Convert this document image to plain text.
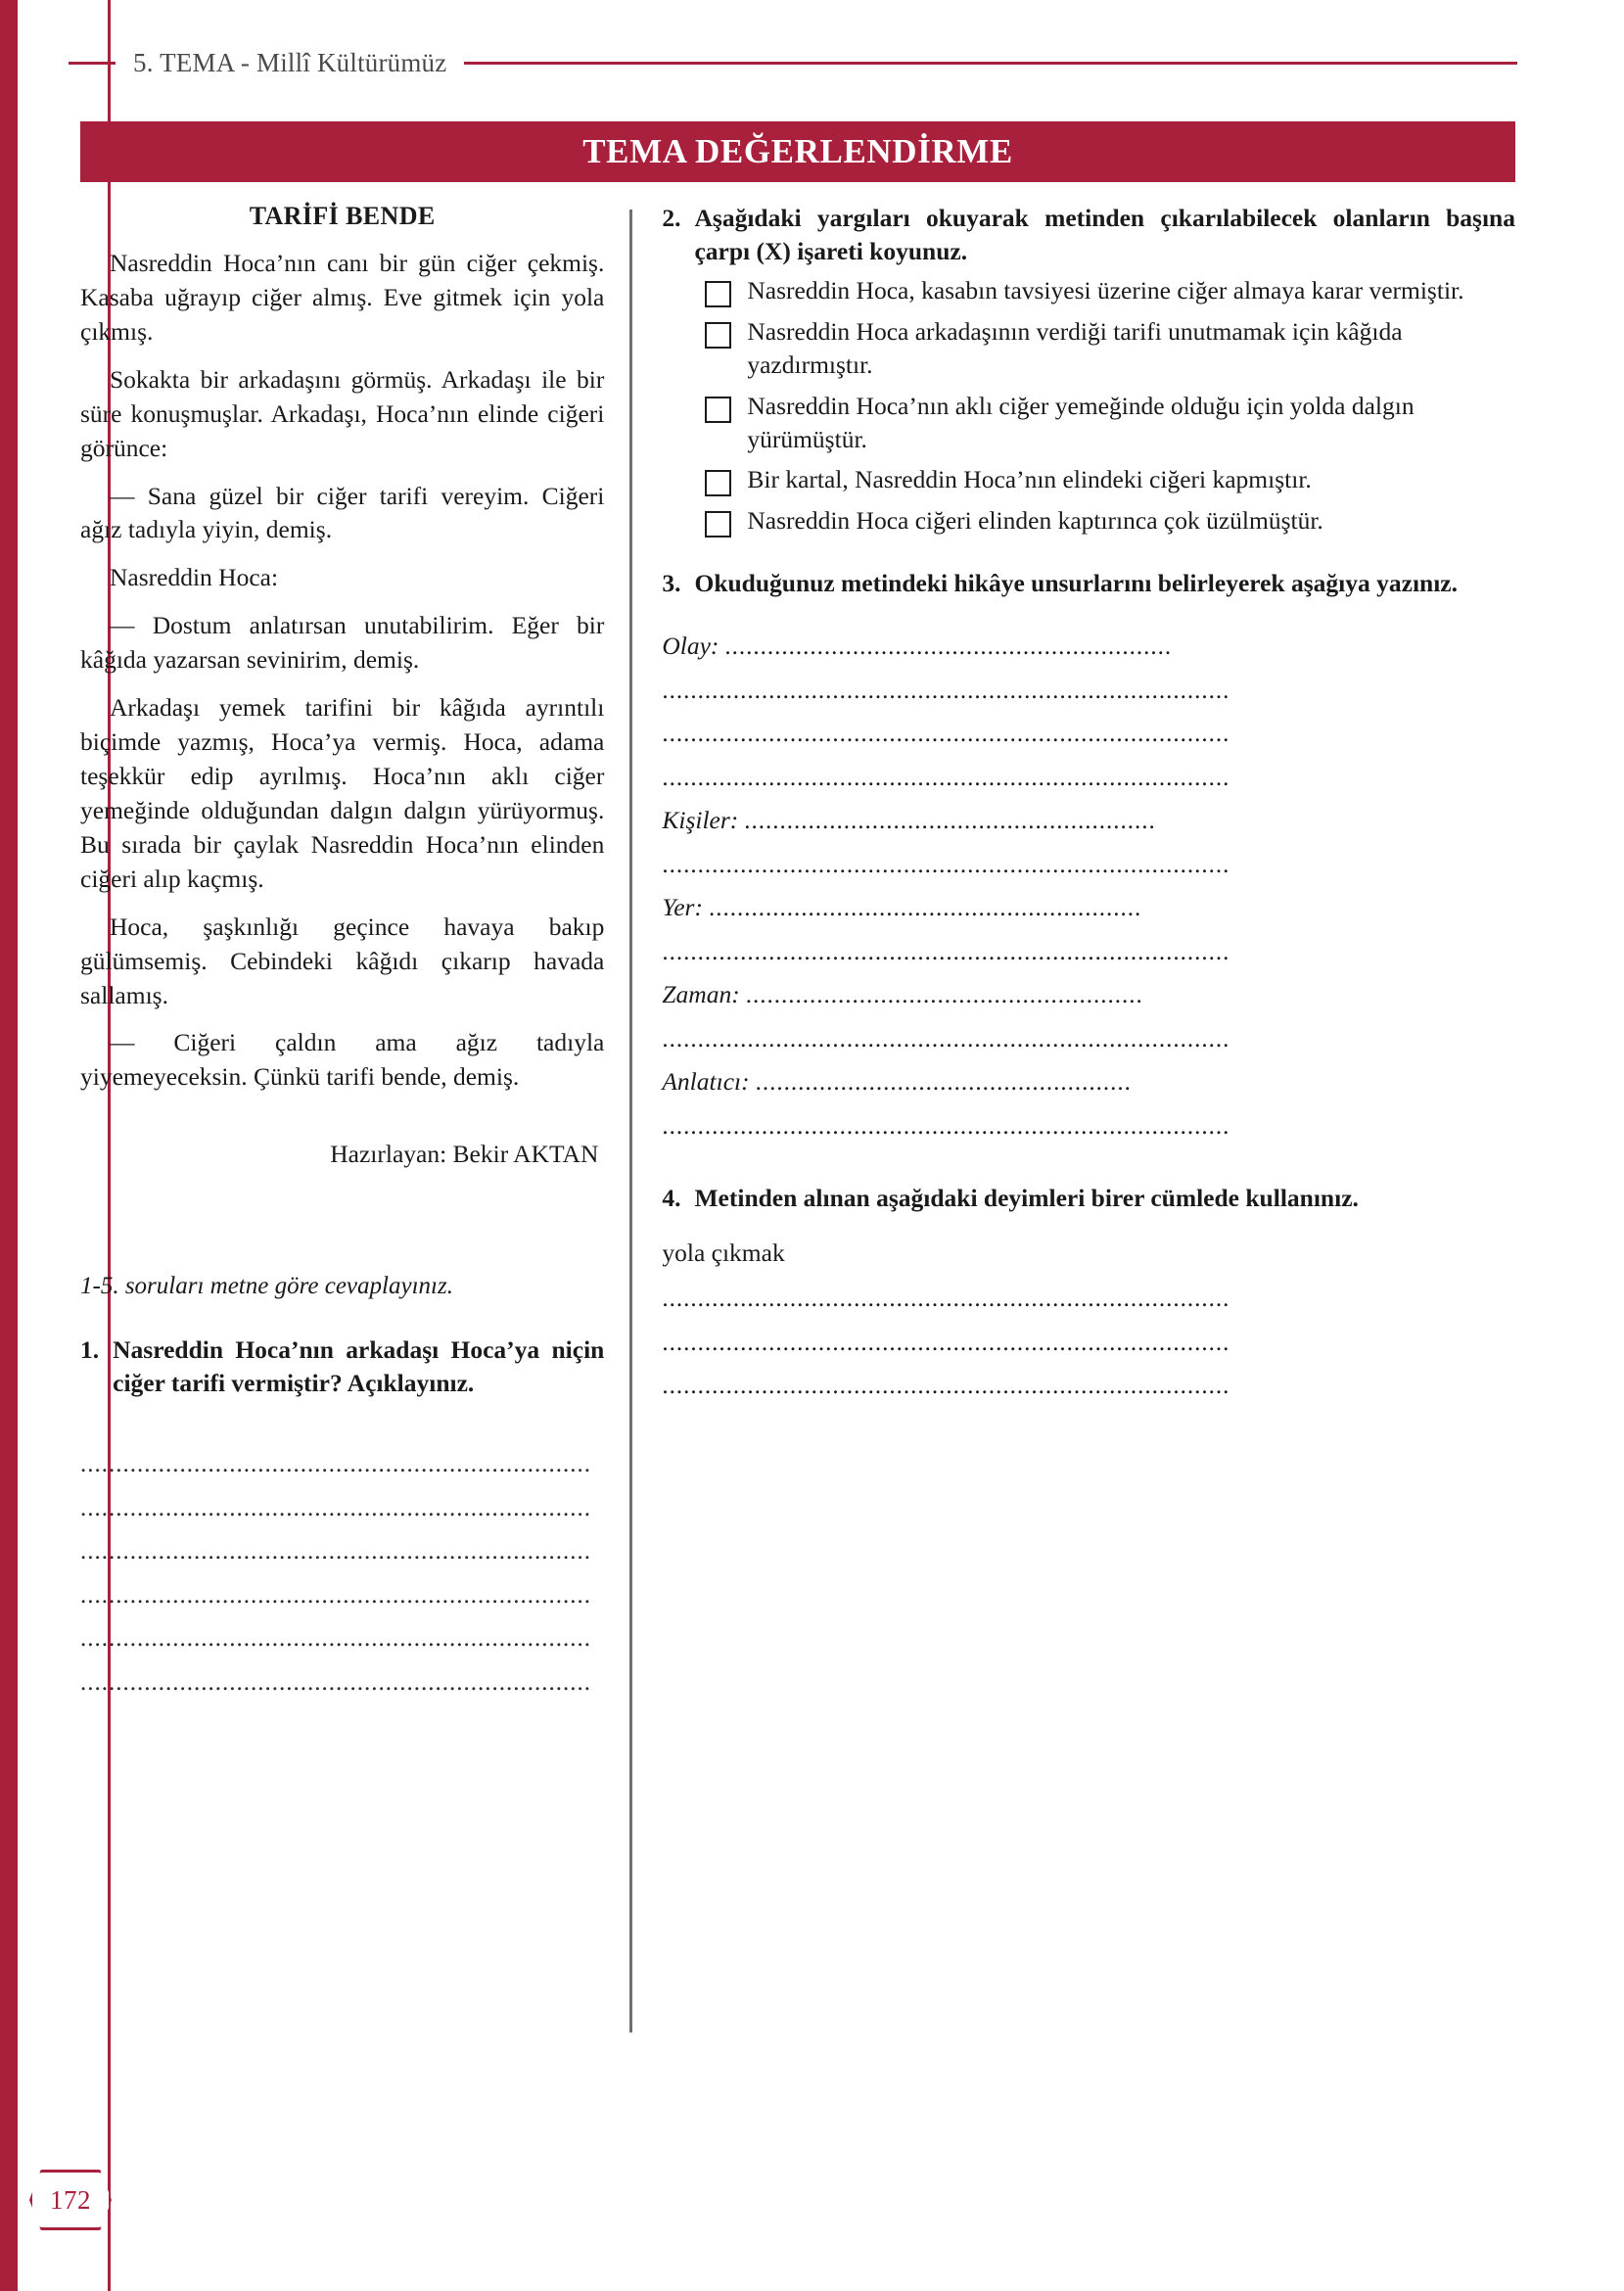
5. TEMA - Millî Kültürümüz
TEMA DEĞERLENDİRME
TARİFİ BENDE

Nasreddin Hoca’nın canı bir gün ciğer çekmiş. Kasaba uğrayıp ciğer almış. Eve gitmek için yola çıkmış.

Sokakta bir arkadaşını görmüş. Arkadaşı ile bir süre konuşmuşlar. Arkadaşı, Hoca’nın elinde ciğeri görünce:

— Sana güzel bir ciğer tarifi vereyim. Ciğeri ağız tadıyla yiyin, demiş.

Nasreddin Hoca:

— Dostum anlatırsan unutabilirim. Eğer bir kâğıda yazarsan sevinirim, demiş.

Arkadaşı yemek tarifini bir kâğıda ayrıntılı biçimde yazmış, Hoca’ya vermiş. Hoca, adama teşekkür edip ayrılmış. Hoca’nın aklı ciğer yemeğinde olduğundan dalgın dalgın yürüyormuş. Bu sırada bir çaylak Nasreddin Hoca’nın elinden ciğeri alıp kaçmış.

Hoca, şaşkınlığı geçince havaya bakıp gülümsemiş. Cebindeki kâğıdı çıkarıp havada sallamış.

— Ciğeri çaldın ama ağız tadıyla yiyemeyeceksin. Çünkü tarifi bende, demiş.

Hazırlayan: Bekir AKTAN

1-5. soruları metne göre cevaplayınız.

1. Nasreddin Hoca’nın arkadaşı Hoca’ya niçin ciğer tarifi vermiştir? Açıklayınız.

........................................................................

........................................................................

........................................................................

........................................................................

........................................................................

........................................................................

2. Aşağıdaki yargıları okuyarak metinden çıkarılabilecek olanların başına çarpı (X) işareti koyunuz.
Nasreddin Hoca, kasabın tavsiyesi üzerine ciğer almaya karar vermiştir.
Nasreddin Hoca arkadaşının verdiği tarifi unutmamak için kâğıda yazdırmıştır.
Nasreddin Hoca’nın aklı ciğer yemeğinde olduğu için yolda dalgın yürümüştür.
Bir kartal, Nasreddin Hoca’nın elindeki ciğeri kapmıştır.
Nasreddin Hoca ciğeri elinden kaptırınca çok üzülmüştür.
3. Okuduğunuz metindeki hikâye unsurlarını belirleyerek aşağıya yazınız.
Olay: ...............................................................

................................................................................

................................................................................

................................................................................

Kişiler: ..........................................................

................................................................................

Yer: .............................................................

................................................................................

Zaman: ........................................................

................................................................................

Anlatıcı: .....................................................

................................................................................

4. Metinden alınan aşağıdaki deyimleri birer cümlede kullanınız.

yola çıkmak

................................................................................

................................................................................

................................................................................

172
